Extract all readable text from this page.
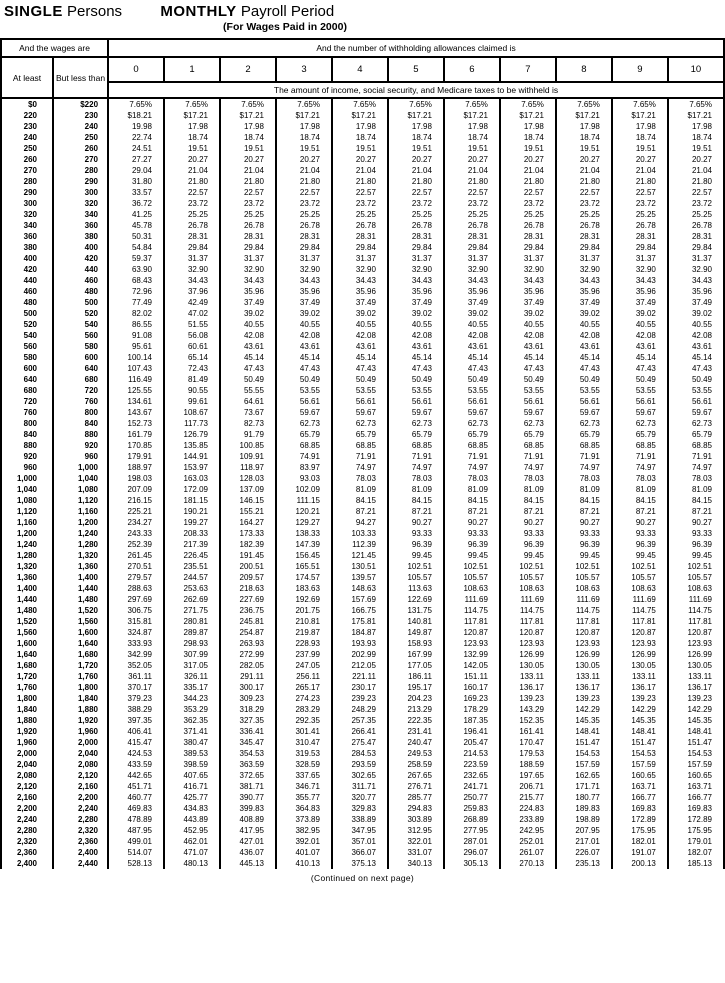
SINGLE Persons	MONTHLY Payroll Period
(For Wages Paid in 2000)
And the wages are		And the number of withholding allowances claimed is										
At least	But less than	0	1	2	3	4	5	6	7	8	9	10
		The amount of income, social security, and Medicare taxes to be withheld is										
$0	$220	7.65%	7.65%	7.65%	7.65%	7.65%	7.65%	7.65%	7.65%	7.65%	7.65%	7.65%
220	230	$18.21	$17.21	$17.21	$17.21	$17.21	$17.21	$17.21	$17.21	$17.21	$17.21	$17.21
230	240	19.98	17.98	17.98	17.98	17.98	17.98	17.98	17.98	17.98	17.98	17.98
240	250	22.74	18.74	18.74	18.74	18.74	18.74	18.74	18.74	18.74	18.74	18.74
250	260	24.51	19.51	19.51	19.51	19.51	19.51	19.51	19.51	19.51	19.51	19.51
260	270	27.27	20.27	20.27	20.27	20.27	20.27	20.27	20.27	20.27	20.27	20.27
270	280	29.04	21.04	21.04	21.04	21.04	21.04	21.04	21.04	21.04	21.04	21.04
280	290	31.80	21.80	21.80	21.80	21.80	21.80	21.80	21.80	21.80	21.80	21.80
290	300	33.57	22.57	22.57	22.57	22.57	22.57	22.57	22.57	22.57	22.57	22.57
300	320	36.72	23.72	23.72	23.72	23.72	23.72	23.72	23.72	23.72	23.72	23.72
320	340	41.25	25.25	25.25	25.25	25.25	25.25	25.25	25.25	25.25	25.25	25.25
340	360	45.78	26.78	26.78	26.78	26.78	26.78	26.78	26.78	26.78	26.78	26.78
360	380	50.31	28.31	28.31	28.31	28.31	28.31	28.31	28.31	28.31	28.31	28.31
380	400	54.84	29.84	29.84	29.84	29.84	29.84	29.84	29.84	29.84	29.84	29.84
400	420	59.37	31.37	31.37	31.37	31.37	31.37	31.37	31.37	31.37	31.37	31.37
420	440	63.90	32.90	32.90	32.90	32.90	32.90	32.90	32.90	32.90	32.90	32.90
440	460	68.43	34.43	34.43	34.43	34.43	34.43	34.43	34.43	34.43	34.43	34.43
460	480	72.96	37.96	35.96	35.96	35.96	35.96	35.96	35.96	35.96	35.96	35.96
480	500	77.49	42.49	37.49	37.49	37.49	37.49	37.49	37.49	37.49	37.49	37.49
500	520	82.02	47.02	39.02	39.02	39.02	39.02	39.02	39.02	39.02	39.02	39.02
520	540	86.55	51.55	40.55	40.55	40.55	40.55	40.55	40.55	40.55	40.55	40.55
540	560	91.08	56.08	42.08	42.08	42.08	42.08	42.08	42.08	42.08	42.08	42.08
560	580	95.61	60.61	43.61	43.61	43.61	43.61	43.61	43.61	43.61	43.61	43.61
580	600	100.14	65.14	45.14	45.14	45.14	45.14	45.14	45.14	45.14	45.14	45.14
600	640	107.43	72.43	47.43	47.43	47.43	47.43	47.43	47.43	47.43	47.43	47.43
640	680	116.49	81.49	50.49	50.49	50.49	50.49	50.49	50.49	50.49	50.49	50.49
680	720	125.55	90.55	55.55	53.55	53.55	53.55	53.55	53.55	53.55	53.55	53.55
720	760	134.61	99.61	64.61	56.61	56.61	56.61	56.61	56.61	56.61	56.61	56.61
760	800	143.67	108.67	73.67	59.67	59.67	59.67	59.67	59.67	59.67	59.67	59.67
800	840	152.73	117.73	82.73	62.73	62.73	62.73	62.73	62.73	62.73	62.73	62.73
840	880	161.79	126.79	91.79	65.79	65.79	65.79	65.79	65.79	65.79	65.79	65.79
880	920	170.85	135.85	100.85	68.85	68.85	68.85	68.85	68.85	68.85	68.85	68.85
920	960	179.91	144.91	109.91	74.91	71.91	71.91	71.91	71.91	71.91	71.91	71.91
960	1,000	188.97	153.97	118.97	83.97	74.97	74.97	74.97	74.97	74.97	74.97	74.97
1,000	1,040	198.03	163.03	128.03	93.03	78.03	78.03	78.03	78.03	78.03	78.03	78.03
1,040	1,080	207.09	172.09	137.09	102.09	81.09	81.09	81.09	81.09	81.09	81.09	81.09
1,080	1,120	216.15	181.15	146.15	111.15	84.15	84.15	84.15	84.15	84.15	84.15	84.15
1,120	1,160	225.21	190.21	155.21	120.21	87.21	87.21	87.21	87.21	87.21	87.21	87.21
1,160	1,200	234.27	199.27	164.27	129.27	94.27	90.27	90.27	90.27	90.27	90.27	90.27
1,200	1,240	243.33	208.33	173.33	138.33	103.33	93.33	93.33	93.33	93.33	93.33	93.33
1,240	1,280	252.39	217.39	182.39	147.39	112.39	96.39	96.39	96.39	96.39	96.39	96.39
1,280	1,320	261.45	226.45	191.45	156.45	121.45	99.45	99.45	99.45	99.45	99.45	99.45
1,320	1,360	270.51	235.51	200.51	165.51	130.51	102.51	102.51	102.51	102.51	102.51	102.51
1,360	1,400	279.57	244.57	209.57	174.57	139.57	105.57	105.57	105.57	105.57	105.57	105.57
1,400	1,440	288.63	253.63	218.63	183.63	148.63	113.63	108.63	108.63	108.63	108.63	108.63
1,440	1,480	297.69	262.69	227.69	192.69	157.69	122.69	111.69	111.69	111.69	111.69	111.69
1,480	1,520	306.75	271.75	236.75	201.75	166.75	131.75	114.75	114.75	114.75	114.75	114.75
1,520	1,560	315.81	280.81	245.81	210.81	175.81	140.81	117.81	117.81	117.81	117.81	117.81
1,560	1,600	324.87	289.87	254.87	219.87	184.87	149.87	120.87	120.87	120.87	120.87	120.87
1,600	1,640	333.93	298.93	263.93	228.93	193.93	158.93	123.93	123.93	123.93	123.93	123.93
1,640	1,680	342.99	307.99	272.99	237.99	202.99	167.99	132.99	126.99	126.99	126.99	126.99
1,680	1,720	352.05	317.05	282.05	247.05	212.05	177.05	142.05	130.05	130.05	130.05	130.05
1,720	1,760	361.11	326.11	291.11	256.11	221.11	186.11	151.11	133.11	133.11	133.11	133.11
1,760	1,800	370.17	335.17	300.17	265.17	230.17	195.17	160.17	136.17	136.17	136.17	136.17
1,800	1,840	379.23	344.23	309.23	274.23	239.23	204.23	169.23	139.23	139.23	139.23	139.23
1,840	1,880	388.29	353.29	318.29	283.29	248.29	213.29	178.29	143.29	142.29	142.29	142.29
1,880	1,920	397.35	362.35	327.35	292.35	257.35	222.35	187.35	152.35	145.35	145.35	145.35
1,920	1,960	406.41	371.41	336.41	301.41	266.41	231.41	196.41	161.41	148.41	148.41	148.41
1,960	2,000	415.47	380.47	345.47	310.47	275.47	240.47	205.47	170.47	151.47	151.47	151.47
2,000	2,040	424.53	389.53	354.53	319.53	284.53	249.53	214.53	179.53	154.53	154.53	154.53
2,040	2,080	433.59	398.59	363.59	328.59	293.59	258.59	223.59	188.59	157.59	157.59	157.59
2,080	2,120	442.65	407.65	372.65	337.65	302.65	267.65	232.65	197.65	162.65	160.65	160.65
2,120	2,160	451.71	416.71	381.71	346.71	311.71	276.71	241.71	206.71	171.71	163.71	163.71
2,160	2,200	460.77	425.77	390.77	355.77	320.77	285.77	250.77	215.77	180.77	166.77	166.77
2,200	2,240	469.83	434.83	399.83	364.83	329.83	294.83	259.83	224.83	189.83	169.83	169.83
2,240	2,280	478.89	443.89	408.89	373.89	338.89	303.89	268.89	233.89	198.89	172.89	172.89
2,280	2,320	487.95	452.95	417.95	382.95	347.95	312.95	277.95	242.95	207.95	175.95	175.95
2,320	2,360	499.01	462.01	427.01	392.01	357.01	322.01	287.01	252.01	217.01	182.01	179.01
2,360	2,400	514.07	471.07	436.07	401.07	366.07	331.07	296.07	261.07	226.07	191.07	182.07
2,400	2,440	528.13	480.13	445.13	410.13	375.13	340.13	305.13	270.13	235.13	200.13	185.13
(Continued on next page)
